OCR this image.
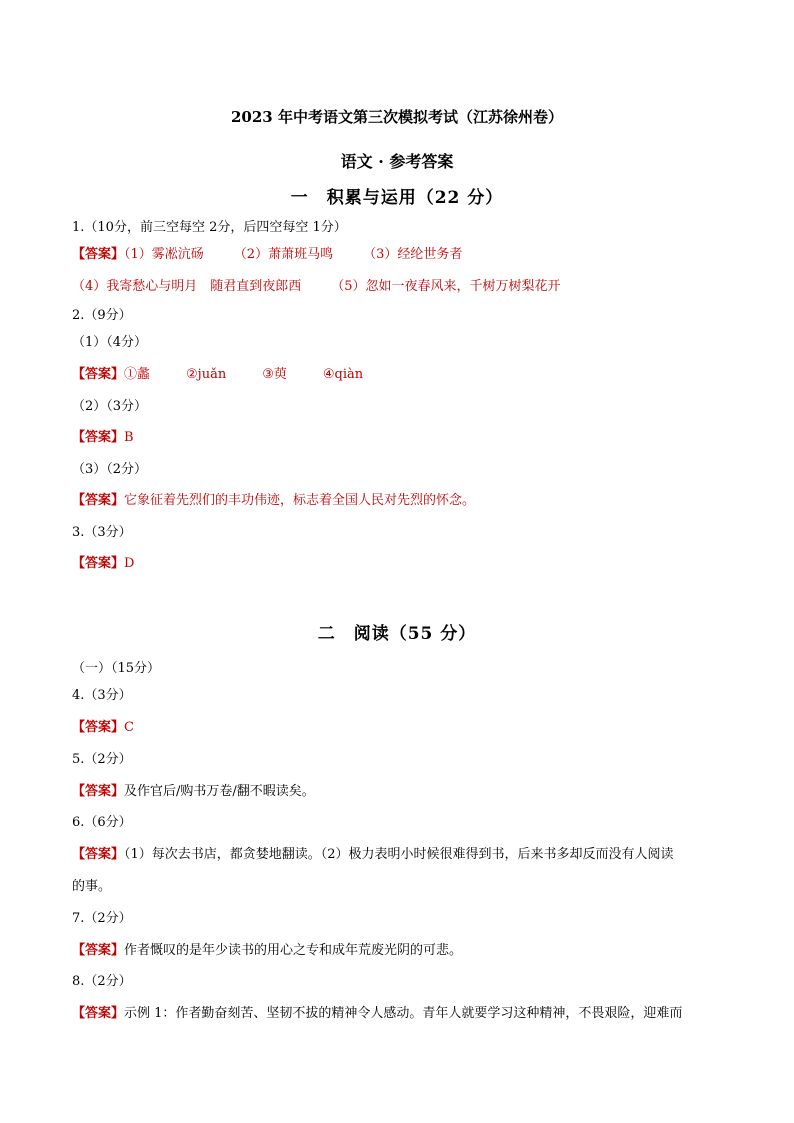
2023 年中考语文第三次模拟考试（江苏徐州卷）
语文 · 参考答案
一　积累与运用（22 分）
1.（10分，前三空每空 2分，后四空每空 1分）
【答案】（1）雾凇沆砀 （2）萧萧班马鸣 （3）经纶世务者
（4）我寄愁心与明月　随君直到夜郎西 （5）忽如一夜春风来，千树万树梨花开
2.（9分）
（1）（4分）
【答案】①蠡	②juǎn	③萸	④qiàn
（2）（3分）
【答案】B
（3）（2分）
【答案】它象征着先烈们的丰功伟迹，标志着全国人民对先烈的怀念。
3.（3分）
【答案】D
二　阅读（55 分）
（一）（15分）
4.（3分）
【答案】C
5.（2分）
【答案】及作官后/购书万卷/翻不暇读矣。
6.（6分）
【答案】（1）每次去书店，都贪婪地翻读。（2）极力表明小时候很难得到书，后来书多却反而没有人阅读
的事。
7.（2分）
【答案】作者慨叹的是年少读书的用心之专和成年荒废光阴的可悲。
8.（2分）
【答案】示例 1：作者勤奋刻苦、坚韧不拔的精神令人感动。青年人就要学习这种精神，不畏艰险，迎难而
